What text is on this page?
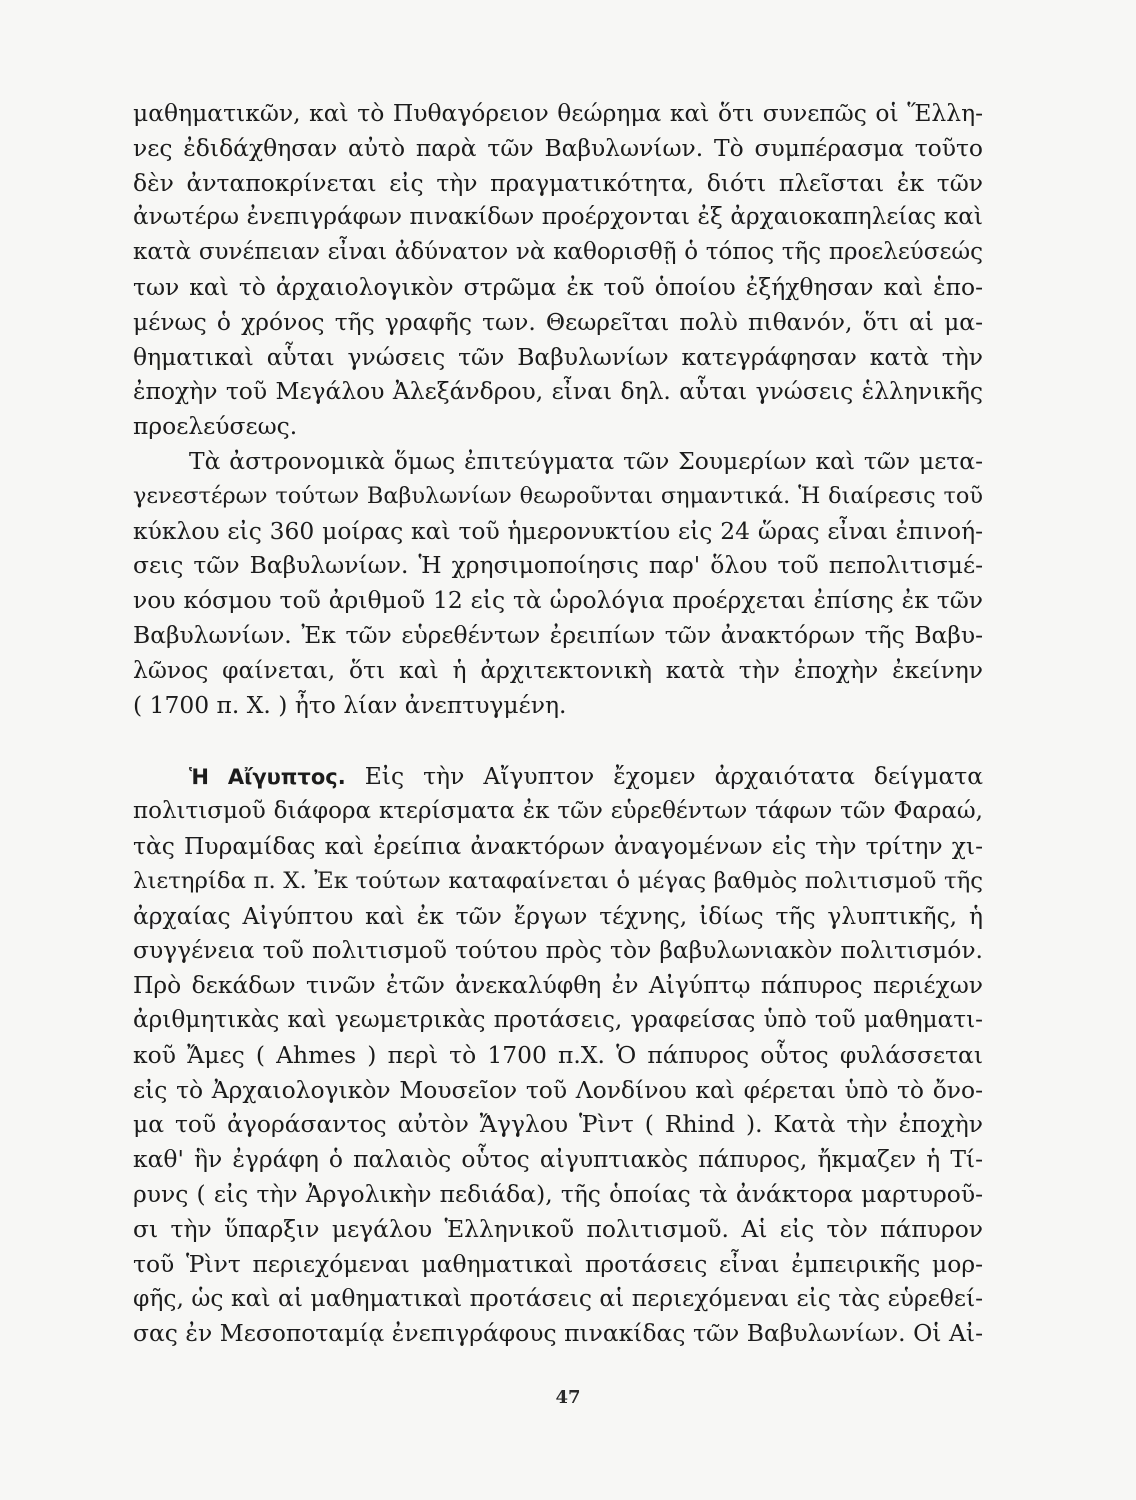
μαθηματικῶν, καὶ τὸ Πυθαγόρειον θεώρημα καὶ ὅτι συνεπῶς οἱ Ἕλλη-
νες ἐδιδάχθησαν αὐτὸ παρὰ τῶν Βαβυλωνίων. Τὸ συμπέρασμα τοῦτο
δὲν ἀνταποκρίνεται εἰς τὴν πραγματικότητα, διότι πλεῖσται ἐκ τῶν
ἀνωτέρω ἐνεπιγράφων πινακίδων προέρχονται ἐξ ἀρχαιοκαπηλείας καὶ
κατὰ συνέπειαν εἶναι ἀδύνατον νὰ καθορισθῇ ὁ τόπος τῆς προελεύσεώς
των καὶ τὸ ἀρχαιολογικὸν στρῶμα ἐκ τοῦ ὁποίου ἐξήχθησαν καὶ ἑπο-
μένως ὁ χρόνος τῆς γραφῆς των. Θεωρεῖται πολὺ πιθανόν, ὅτι αἱ μα-
θηματικαὶ αὗται γνώσεις τῶν Βαβυλωνίων κατεγράφησαν κατὰ τὴν
ἐποχὴν τοῦ Μεγάλου Ἀλεξάνδρου, εἶναι δηλ. αὗται γνώσεις ἑλληνικῆς
προελεύσεως.
Τὰ ἀστρονομικὰ ὅμως ἐπιτεύγματα τῶν Σουμερίων καὶ τῶν μετα-
γενεστέρων τούτων Βαβυλωνίων θεωροῦνται σημαντικά. Ἡ διαίρεσις τοῦ
κύκλου εἰς 360 μοίρας καὶ τοῦ ἡμερονυκτίου εἰς 24 ὥρας εἶναι ἐπινοή-
σεις τῶν Βαβυλωνίων. Ἡ χρησιμοποίησις παρ' ὅλου τοῦ πεπολιτισμέ-
νου κόσμου τοῦ ἀριθμοῦ 12 εἰς τὰ ὡρολόγια προέρχεται ἐπίσης ἐκ τῶν
Βαβυλωνίων. Ἐκ τῶν εὑρεθέντων ἐρειπίων τῶν ἀνακτόρων τῆς Βαβυ-
λῶνος φαίνεται, ὅτι καὶ ἡ ἀρχιτεκτονικὴ κατὰ τὴν ἐποχὴν ἐκείνην
( 1700 π. Χ. ) ἦτο λίαν ἀνεπτυγμένη.
Ἡ Αἴγυπτος. Εἰς τὴν Αἴγυπτον ἔχομεν ἀρχαιότατα δείγματα
πολιτισμοῦ διάφορα κτερίσματα ἐκ τῶν εὑρεθέντων τάφων τῶν Φαραώ,
τὰς Πυραμίδας καὶ ἐρείπια ἀνακτόρων ἀναγομένων εἰς τὴν τρίτην χι-
λιετηρίδα π. Χ. Ἐκ τούτων καταφαίνεται ὁ μέγας βαθμὸς πολιτισμοῦ τῆς
ἀρχαίας Αἰγύπτου καὶ ἐκ τῶν ἔργων τέχνης, ἰδίως τῆς γλυπτικῆς, ἡ
συγγένεια τοῦ πολιτισμοῦ τούτου πρὸς τὸν βαβυλωνιακὸν πολιτισμόν.
Πρὸ δεκάδων τινῶν ἐτῶν ἀνεκαλύφθη ἐν Αἰγύπτῳ πάπυρος περιέχων
ἀριθμητικὰς καὶ γεωμετρικὰς προτάσεις, γραφείσας ὑπὸ τοῦ μαθηματι-
κοῦ Ἄμες ( Ahmes ) περὶ τὸ 1700 π.Χ. Ὁ πάπυρος οὗτος φυλάσσεται
εἰς τὸ Ἀρχαιολογικὸν Μουσεῖον τοῦ Λονδίνου καὶ φέρεται ὑπὸ τὸ ὄνο-
μα τοῦ ἀγοράσαντος αὐτὸν Ἄγγλου Ῥὶντ ( Rhind ). Κατὰ τὴν ἐποχὴν
καθ' ἣν ἐγράφη ὁ παλαιὸς οὗτος αἰγυπτιακὸς πάπυρος, ἤκμαζεν ἡ Τί-
ρυνς ( εἰς τὴν Ἀργολικὴν πεδιάδα), τῆς ὁποίας τὰ ἀνάκτορα μαρτυροῦ-
σι τὴν ὕπαρξιν μεγάλου Ἑλληνικοῦ πολιτισμοῦ. Αἱ εἰς τὸν πάπυρον
τοῦ Ῥὶντ περιεχόμεναι μαθηματικαὶ προτάσεις εἶναι ἐμπειρικῆς μορ-
φῆς, ὡς καὶ αἱ μαθηματικαὶ προτάσεις αἱ περιεχόμεναι εἰς τὰς εὑρεθεί-
σας ἐν Μεσοποταμίᾳ ἐνεπιγράφους πινακίδας τῶν Βαβυλωνίων. Οἱ Αἰ-
47
